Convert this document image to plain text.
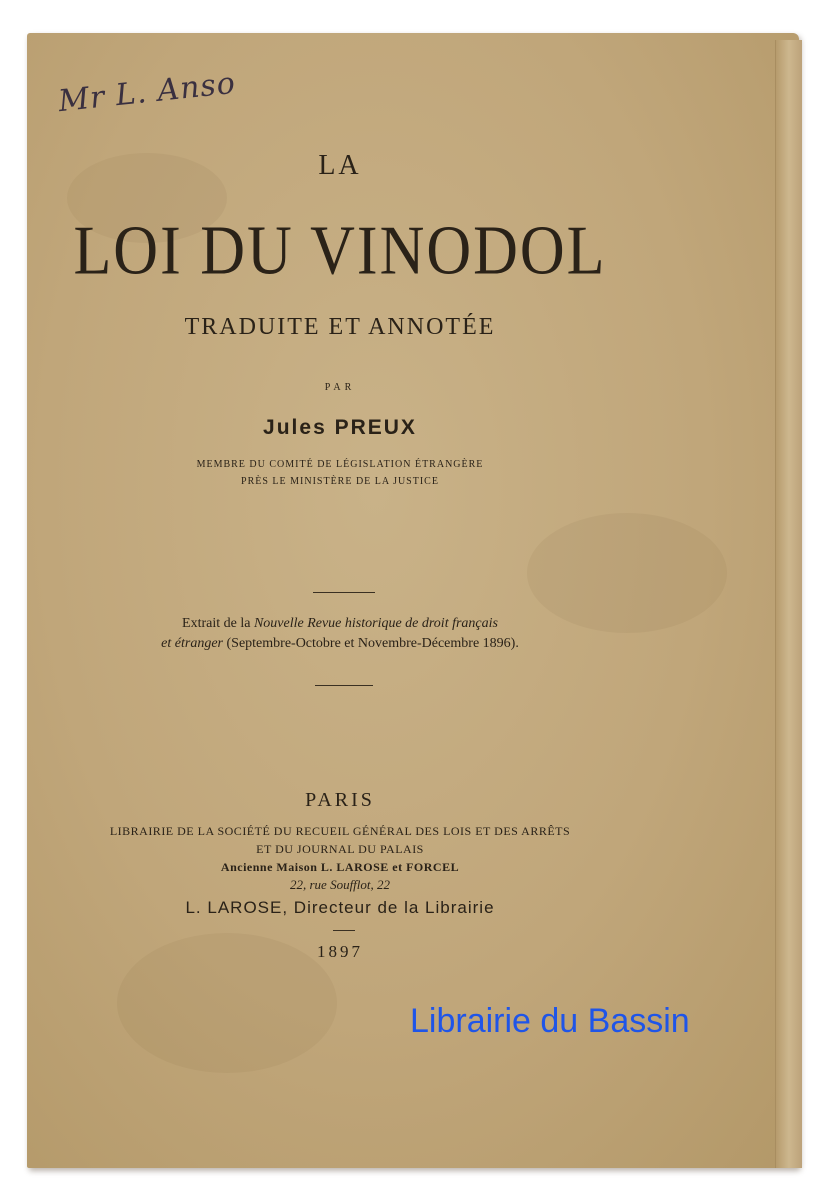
Mr L. Anso
LA
LOI DU VINODOL
TRADUITE ET ANNOTÉE
PAR
Jules PREUX
MEMBRE DU COMITÉ DE LÉGISLATION ÉTRANGÈRE
PRÈS LE MINISTÈRE DE LA JUSTICE
Extrait de la Nouvelle Revue historique de droit français
et étranger (Septembre-Octobre et Novembre-Décembre 1896).
PARIS
LIBRAIRIE DE LA SOCIÉTÉ DU RECUEIL GÉNÉRAL DES LOIS ET DES ARRÊTS
ET DU JOURNAL DU PALAIS
Ancienne Maison L. LAROSE et FORCEL
22, rue Soufflot, 22
L. LAROSE, Directeur de la Librairie
1897
Librairie du Bassin
